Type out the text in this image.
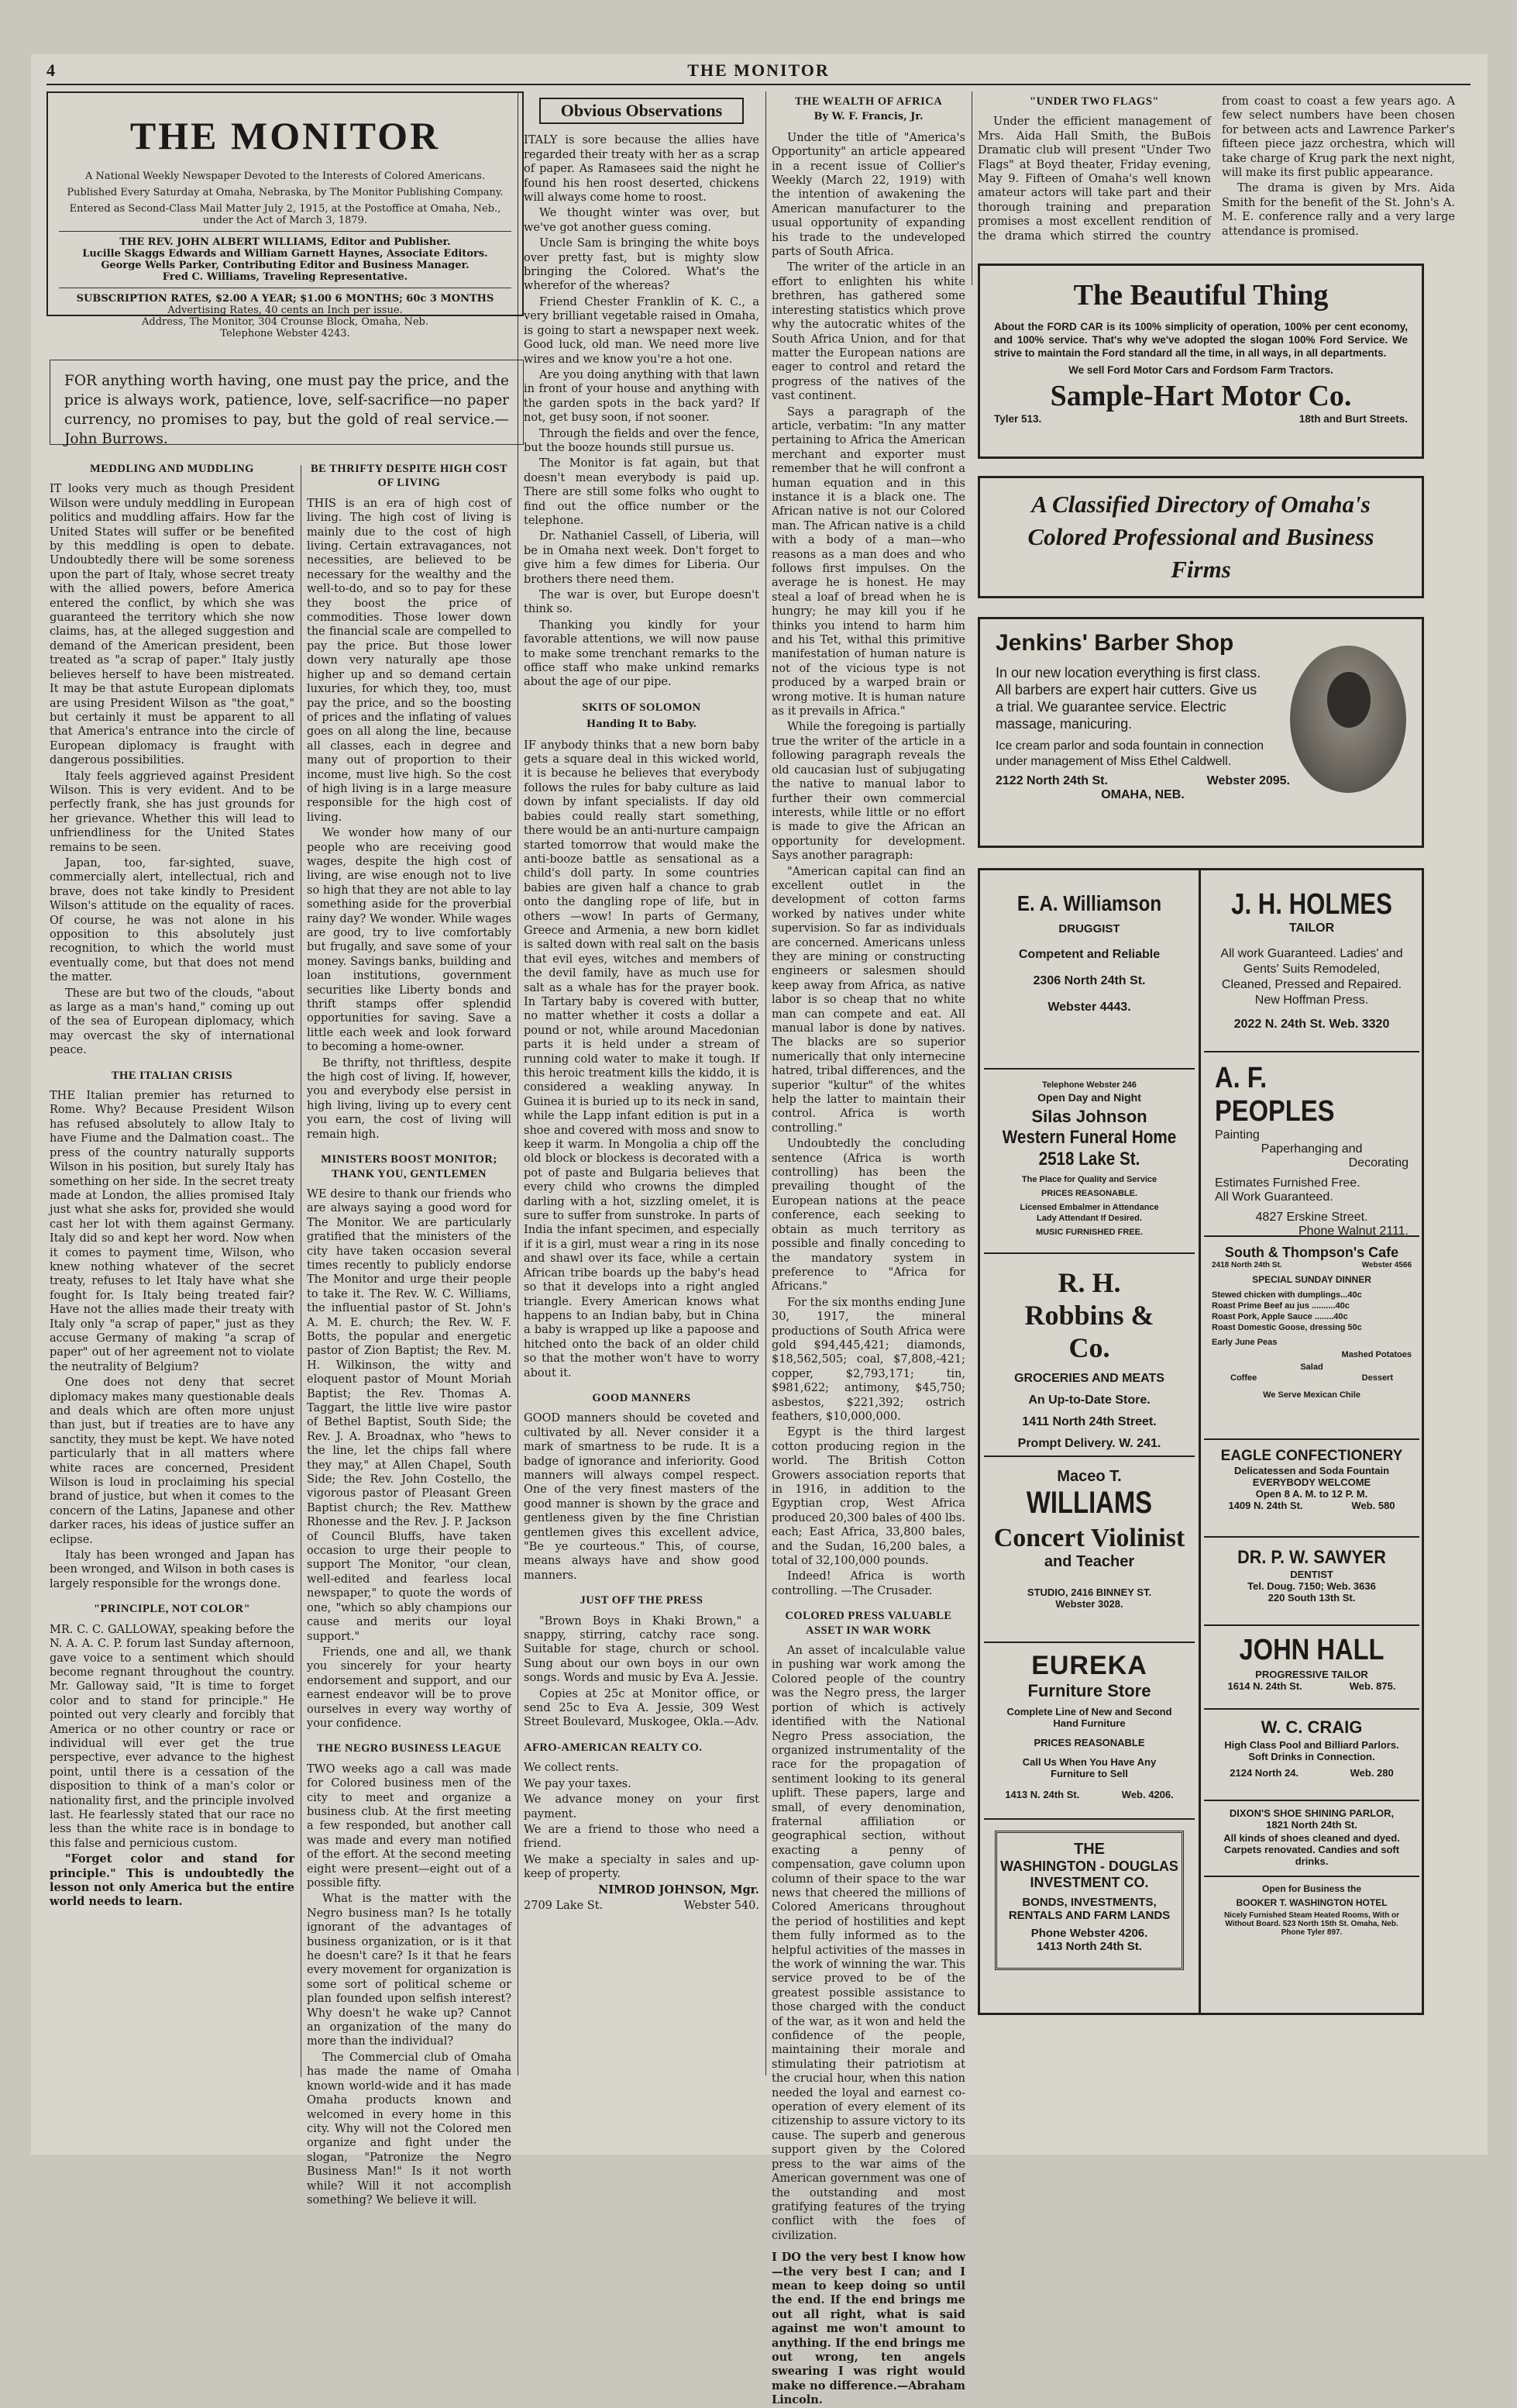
4	THE MONITOR
THE MONITOR
A National Weekly Newspaper Devoted to the Interests of Colored Americans.
Published Every Saturday at Omaha, Nebraska, by The Monitor Publishing Company.
Entered as Second-Class Mail Matter July 2, 1915, at the Postoffice at Omaha, Neb., under the Act of March 3, 1879.
THE REV. JOHN ALBERT WILLIAMS, Editor and Publisher.
Lucille Skaggs Edwards and William Garnett Haynes, Associate Editors.
George Wells Parker, Contributing Editor and Business Manager.
Fred C. Williams, Traveling Representative.
SUBSCRIPTION RATES, $2.00 A YEAR; $1.00 6 MONTHS; 60c 3 MONTHS
Advertising Rates, 40 cents an Inch per issue.
Address, The Monitor, 304 Crounse Block, Omaha, Neb.
Telephone Webster 4243.
FOR anything worth having, one must pay the price, and the price is always work, patience, love, self-sacrifice—no paper currency, no promises to pay, but the gold of real service.—John Burrows.
MEDDLING AND MUDDLING

IT looks very much as though President Wilson were unduly meddling in European politics and muddling affairs. How far the United States will suffer or be benefited by this meddling is open to debate. Undoubtedly there will be some soreness upon the part of Italy, whose secret treaty with the allied powers, before America entered the conflict, by which she was guaranteed the territory which she now claims, has, at the alleged suggestion and demand of the American president, been treated as "a scrap of paper." Italy justly believes herself to have been mistreated. It may be that astute European diplomats are using President Wilson as "the goat," but certainly it must be apparent to all that America's entrance into the circle of European diplomacy is fraught with dangerous possibilities.

Italy feels aggrieved against President Wilson. This is very evident. And to be perfectly frank, she has just grounds for her grievance. Whether this will lead to unfriendliness for the United States remains to be seen.

Japan, too, far-sighted, suave, commercially alert, intellectual, rich and brave, does not take kindly to President Wilson's attitude on the equality of races. Of course, he was not alone in his opposition to this absolutely just recognition, to which the world must eventually come, but that does not mend the matter.

These are but two of the clouds, "about as large as a man's hand," coming up out of the sea of European diplomacy, which may overcast the sky of international peace.

THE ITALIAN CRISIS

THE Italian premier has returned to Rome. Why? Because President Wilson has refused absolutely to allow Italy to have Fiume and the Dalmation coast.. The press of the country naturally supports Wilson in his position, but surely Italy has something on her side. In the secret treaty made at London, the allies promised Italy just what she asks for, provided she would cast her lot with them against Germany. Italy did so and kept her word. Now when it comes to payment time, Wilson, who knew nothing whatever of the secret treaty, refuses to let Italy have what she fought for. Is Italy being treated fair? Have not the allies made their treaty with Italy only "a scrap of paper," just as they accuse Germany of making "a scrap of paper" out of her agreement not to violate the neutrality of Belgium?

One does not deny that secret diplomacy makes many questionable deals and deals which are often more unjust than just, but if treaties are to have any sanctity, they must be kept. We have noted particularly that in all matters where white races are concerned, President Wilson is loud in proclaiming his special brand of justice, but when it comes to the concern of the Latins, Japanese and other darker races, his ideas of justice suffer an eclipse.

Italy has been wronged and Japan has been wronged, and Wilson in both cases is largely responsible for the wrongs done.

"PRINCIPLE, NOT COLOR"

MR. C. C. GALLOWAY, speaking before the N. A. A. C. P. forum last Sunday afternoon, gave voice to a sentiment which should become regnant throughout the country. Mr. Galloway said, "It is time to forget color and to stand for principle." He pointed out very clearly and forcibly that America or no other country or race or individual will ever get the true perspective, ever advance to the highest point, until there is a cessation of the disposition to think of a man's color or nationality first, and the principle involved last. He fearlessly stated that our race no less than the white race is in bondage to this false and pernicious custom.

"Forget color and stand for principle." This is undoubtedly the lesson not only America but the entire world needs to learn.

BE THRIFTY DESPITE HIGH COST OF LIVING

THIS is an era of high cost of living. The high cost of living is mainly due to the cost of high living. Certain extravagances, not necessities, are believed to be necessary for the wealthy and the well-to-do, and so to pay for these they boost the price of commodities. Those lower down the financial scale are compelled to pay the price. But those lower down very naturally ape those higher up and so demand certain luxuries, for which they, too, must pay the price, and so the boosting of prices and the inflating of values goes on all along the line, because all classes, each in degree and many out of proportion to their income, must live high. So the cost of high living is in a large measure responsible for the high cost of living.

We wonder how many of our people who are receiving good wages, despite the high cost of living, are wise enough not to live so high that they are not able to lay something aside for the proverbial rainy day? We wonder. While wages are good, try to live comfortably but frugally, and save some of your money. Savings banks, building and loan institutions, government securities like Liberty bonds and thrift stamps offer splendid opportunities for saving. Save a little each week and look forward to becoming a home-owner.

Be thrifty, not thriftless, despite the high cost of living. If, however, you and everybody else persist in high living, living up to every cent you earn, the cost of living will remain high.

MINISTERS BOOST MONITOR; THANK YOU, GENTLEMEN

WE desire to thank our friends who are always saying a good word for The Monitor. We are particularly gratified that the ministers of the city have taken occasion several times recently to publicly endorse The Monitor and urge their people to take it. The Rev. W. C. Williams, the influential pastor of St. John's A. M. E. church; the Rev. W. F. Botts, the popular and energetic pastor of Zion Baptist; the Rev. M. H. Wilkinson, the witty and eloquent pastor of Mount Moriah Baptist; the Rev. Thomas A. Taggart, the little live wire pastor of Bethel Baptist, South Side; the Rev. J. A. Broadnax, who "hews to the line, let the chips fall where they may," at Allen Chapel, South Side; the Rev. John Costello, the vigorous pastor of Pleasant Green Baptist church; the Rev. Matthew Rhonesse and the Rev. J. P. Jackson of Council Bluffs, have taken occasion to urge their people to support The Monitor, "our clean, well-edited and fearless local newspaper," to quote the words of one, "which so ably champions our cause and merits our loyal support."

Friends, one and all, we thank you sincerely for your hearty endorsement and support, and our earnest endeavor will be to prove ourselves in every way worthy of your confidence.

THE NEGRO BUSINESS LEAGUE

TWO weeks ago a call was made for Colored business men of the city to meet and organize a business club. At the first meeting a few responded, but another call was made and every man notified of the effort. At the second meeting eight were present—eight out of a possible fifty.

What is the matter with the Negro business man? Is he totally ignorant of the advantages of business organization, or is it that he doesn't care? Is it that he fears every movement for organization is some sort of political scheme or plan founded upon selfish interest? Why doesn't he wake up? Cannot an organization of the many do more than the individual?

The Commercial club of Omaha has made the name of Omaha known world-wide and it has made Omaha products known and welcomed in every home in this city. Why will not the Colored men organize and fight under the slogan, "Patronize the Negro Business Man!" Is it not worth while? Will it not accomplish something? We believe it will.

Obvious Observations

ITALY is sore because the allies have regarded their treaty with her as a scrap of paper. As Ramasees said the night he found his hen roost deserted, chickens will always come home to roost.

We thought winter was over, but we've got another guess coming.

Uncle Sam is bringing the white boys over pretty fast, but is mighty slow bringing the Colored. What's the wherefor of the whereas?

Friend Chester Franklin of K. C., a very brilliant vegetable raised in Omaha, is going to start a newspaper next week. Good luck, old man. We need more live wires and we know you're a hot one.

Are you doing anything with that lawn in front of your house and anything with the garden spots in the back yard? If not, get busy soon, if not sooner.

Through the fields and over the fence, but the booze hounds still pursue us.

The Monitor is fat again, but that doesn't mean everybody is paid up. There are still some folks who ought to find out the office number or the telephone.

Dr. Nathaniel Cassell, of Liberia, will be in Omaha next week. Don't forget to give him a few dimes for Liberia. Our brothers there need them.

The war is over, but Europe doesn't think so.

Thanking you kindly for your favorable attentions, we will now pause to make some trenchant remarks to the office staff who make unkind remarks about the age of our pipe.

SKITS OF SOLOMON
Handing It to Baby.

IF anybody thinks that a new born baby gets a square deal in this wicked world, it is because he believes that everybody follows the rules for baby culture as laid down by infant specialists. If day old babies could really start something, there would be an anti-nurture campaign started tomorrow that would make the anti-booze battle as sensational as a child's doll party. In some countries babies are given half a chance to grab onto the dangling rope of life, but in others —wow! In parts of Germany, Greece and Armenia, a new born kidlet is salted down with real salt on the basis that evil eyes, witches and members of the devil family, have as much use for salt as a whale has for the prayer book. In Tartary baby is covered with butter, no matter whether it costs a dollar a pound or not, while around Macedonian parts it is held under a stream of running cold water to make it tough. If this heroic treatment kills the kiddo, it is considered a weakling anyway. In Guinea it is buried up to its neck in sand, while the Lapp infant edition is put in a shoe and covered with moss and snow to keep it warm. In Mongolia a chip off the old block or blockess is decorated with a pot of paste and Bulgaria believes that every child who crowns the dimpled darling with a hot, sizzling omelet, it is sure to suffer from sunstroke. In parts of India the infant specimen, and especially if it is a girl, must wear a ring in its nose and shawl over its face, while a certain African tribe boards up the baby's head so that it develops into a right angled triangle. Every American knows what happens to an Indian baby, but in China a baby is wrapped up like a papoose and hitched onto the back of an older child so that the mother won't have to worry about it.

GOOD MANNERS

GOOD manners should be coveted and cultivated by all. Never consider it a mark of smartness to be rude. It is a badge of ignorance and inferiority. Good manners will always compel respect. One of the very finest masters of the good manner is shown by the grace and gentleness given by the fine Christian gentlemen gives this excellent advice, "Be ye courteous." This, of course, means always have and show good manners.

JUST OFF THE PRESS

"Brown Boys in Khaki Brown," a snappy, stirring, catchy race song. Suitable for stage, church or school. Sung about our own boys in our own songs. Words and music by Eva A. Jessie.

Copies at 25c at Monitor office, or send 25c to Eva A. Jessie, 309 West Street Boulevard, Muskogee, Okla.—Adv.

AFRO-AMERICAN REALTY CO.

We collect rents.

We pay your taxes.

We advance money on your first payment.

We are a friend to those who need a friend.

We make a specialty in sales and up-keep of property.

NIMROD JOHNSON, Mgr.

2709 Lake St.	Webster 540.
THE WEALTH OF AFRICA
By W. F. Francis, Jr.

Under the title of "America's Opportunity" an article appeared in a recent issue of Collier's Weekly (March 22, 1919) with the intention of awakening the American manufacturer to the usual opportunity of expanding his trade to the undeveloped parts of South Africa.

The writer of the article in an effort to enlighten his white brethren, has gathered some interesting statistics which prove why the autocratic whites of the South Africa Union, and for that matter the European nations are eager to control and retard the progress of the natives of the vast continent.

Says a paragraph of the article, verbatim: "In any matter pertaining to Africa the American merchant and exporter must remember that he will confront a human equation and in this instance it is a black one. The African native is not our Colored man. The African native is a child with a body of a man—who reasons as a man does and who follows first impulses. On the average he is honest. He may steal a loaf of bread when he is hungry; he may kill you if he thinks you intend to harm him and his Tet, withal this primitive manifestation of human nature is not of the vicious type is not produced by a warped brain or wrong motive. It is human nature as it prevails in Africa."

While the foregoing is partially true the writer of the article in a following paragraph reveals the old caucasian lust of subjugating the native to manual labor to further their own commercial interests, while little or no effort is made to give the African an opportunity for development. Says another paragraph:

"American capital can find an excellent outlet in the development of cotton farms worked by natives under white supervision. So far as individuals are concerned. Americans unless they are mining or constructing engineers or salesmen should keep away from Africa, as native labor is so cheap that no white man can compete and eat. All manual labor is done by natives. The blacks are so superior numerically that only internecine hatred, tribal differences, and the superior "kultur" of the whites help the latter to maintain their control. Africa is worth controlling."

Undoubtedly the concluding sentence (Africa is worth controlling) has been the prevailing thought of the European nations at the peace conference, each seeking to obtain as much territory as possible and finally conceding to the mandatory system in preference to "Africa for Africans."

For the six months ending June 30, 1917, the mineral productions of South Africa were gold $94,445,421; diamonds, $18,562,505; coal, $7,808,-421; copper, $2,793,171; tin, $981,622; antimony, $45,750; asbestos, $221,392; ostrich feathers, $10,000,000.

Egypt is the third largest cotton producing region in the world. The British Cotton Growers association reports that in 1916, in addition to the Egyptian crop, West Africa produced 20,300 bales of 400 lbs. each; East Africa, 33,800 bales, and the Sudan, 16,200 bales, a total of 32,100,000 pounds.

Indeed! Africa is worth controlling. —The Crusader.

COLORED PRESS VALUABLE ASSET IN WAR WORK

An asset of incalculable value in pushing war work among the Colored people of the country was the Negro press, the larger portion of which is actively identified with the National Negro Press association, the organized instrumentality of the race for the propagation of sentiment looking to its general uplift. These papers, large and small, of every denomination, fraternal affiliation or geographical section, without exacting a penny of compensation, gave column upon column of their space to the war news that cheered the millions of Colored Americans throughout the period of hostilities and kept them fully informed as to the helpful activities of the masses in the work of winning the war. This service proved to be of the greatest possible assistance to those charged with the conduct of the war, as it won and held the confidence of the people, maintaining their morale and stimulating their patriotism at the crucial hour, when this nation needed the loyal and earnest co-operation of every element of its citizenship to assure victory to its cause. The superb and generous support given by the Colored press to the war aims of the American government was one of the outstanding and most gratifying features of the trying conflict with the foes of civilization.

I DO the very best I know how—the very best I can; and I mean to keep doing so until the end. If the end brings me out all right, what is said against me won't amount to anything. If the end brings me out wrong, ten angels swearing I was right would make no difference.—Abraham Lincoln.

"UNDER TWO FLAGS"

Under the efficient management of Mrs. Aida Hall Smith, the BuBois Dramatic club will present "Under Two Flags" at Boyd theater, Friday evening, May 9. Fifteen of Omaha's well known amateur actors will take part and their thorough training and preparation promises a most excellent rendition of the drama which stirred the country from coast to coast a few years ago. A few select numbers have been chosen for between acts and Lawrence Parker's fifteen piece jazz orchestra, which will take charge of Krug park the next night, will make its first public appearance.

The drama is given by Mrs. Aida Smith for the benefit of the St. John's A. M. E. conference rally and a very large attendance is promised.

The Beautiful Thing
About the FORD CAR is its 100% simplicity of operation, 100% per cent economy, and 100% service. That's why we've adopted the slogan 100% Ford Service. We strive to maintain the Ford standard all the time, in all ways, in all departments.
We sell Ford Motor Cars and Fordsom Farm Tractors.
Sample-Hart Motor Co.
Tyler 513.	18th and Burt Streets.
A Classified Directory of Omaha's Colored Professional and Business Firms
Jenkins' Barber Shop
In our new location everything is first class. All barbers are expert hair cutters. Give us a trial. We guarantee service. Electric massage, manicuring.
Ice cream parlor and soda fountain in connection under management of Miss Ethel Caldwell.
2122 North 24th St.	Webster 2095.
OMAHA, NEB.
E. A. Williamson
DRUGGIST
Competent and Reliable
2306 North 24th St.
Webster 4443.
Telephone Webster 246
Open Day and Night
Silas Johnson
Western Funeral Home
2518 Lake St.
The Place for Quality and Service
PRICES REASONABLE.
Licensed Embalmer in Attendance
Lady Attendant If Desired.
MUSIC FURNISHED FREE.
R. H. Robbins & Co.
GROCERIES AND MEATS
An Up-to-Date Store.
1411 North 24th Street.
Prompt Delivery. W. 241.
Maceo T.
WILLIAMS
Concert Violinist
and Teacher
STUDIO, 2416 BINNEY ST.
Webster 3028.
EUREKA
Furniture Store
Complete Line of New and Second Hand Furniture
PRICES REASONABLE
Call Us When You Have Any Furniture to Sell
1413 N. 24th St.	Web. 4206.
THE
WASHINGTON - DOUGLAS
INVESTMENT CO.
BONDS, INVESTMENTS, RENTALS AND FARM LANDS
Phone Webster 4206.
1413 North 24th St.
J. H. HOLMES
TAILOR
All work Guaranteed. Ladies' and Gents' Suits Remodeled, Cleaned, Pressed and Repaired. New Hoffman Press.
2022 N. 24th St. Web. 3320
A. F. PEOPLES
Painting
Paperhanging and
Decorating
Estimates Furnished Free.
All Work Guaranteed.
4827 Erskine Street.
Phone Walnut 2111.
South & Thompson's Cafe
2418 North 24th St.	Webster 4566
SPECIAL SUNDAY DINNER
Stewed chicken with dumplings...40c
Roast Prime Beef au jus ..........40c
Roast Pork, Apple Sauce ........40c
Roast Domestic Goose, dressing 50c
Early June Peas
Mashed Potatoes
Salad
Coffee	Dessert
We Serve Mexican Chile
EAGLE CONFECTIONERY
Delicatessen and Soda Fountain
EVERYBODY WELCOME
Open 8 A. M. to 12 P. M.
1409 N. 24th St.	Web. 580
DR. P. W. SAWYER
DENTIST
Tel. Doug. 7150; Web. 3636
220 South 13th St.
JOHN HALL
PROGRESSIVE TAILOR
1614 N. 24th St.	Web. 875.
W. C. CRAIG
High Class Pool and Billiard Parlors. Soft Drinks in Connection.
2124 North 24.	Web. 280
DIXON'S SHOE SHINING PARLOR, 1821 North 24th St.
All kinds of shoes cleaned and dyed. Carpets renovated. Candies and soft drinks.
Open for Business the
BOOKER T. WASHINGTON HOTEL
Nicely Furnished Steam Heated Rooms, With or Without Board. 523 North 15th St. Omaha, Neb. Phone Tyler 897.
